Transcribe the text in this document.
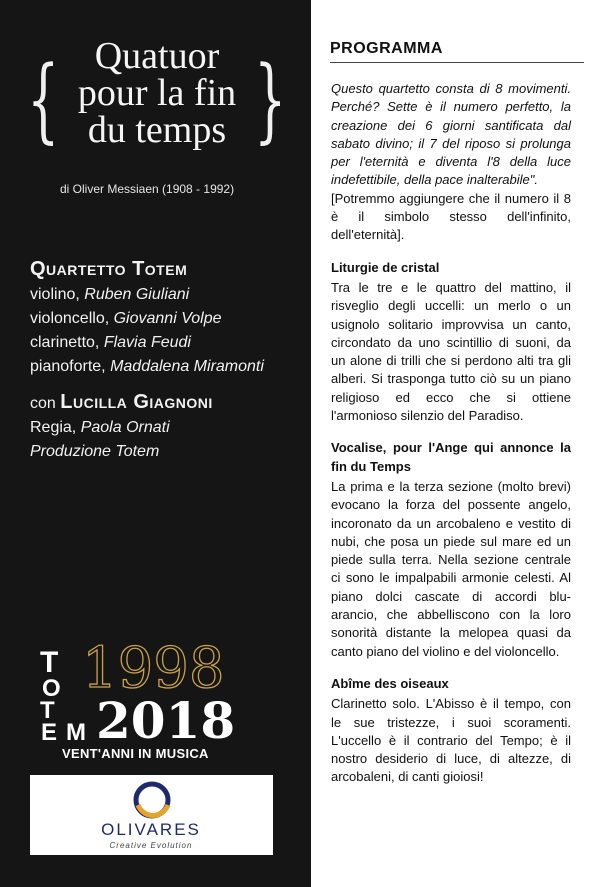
{ Quatuor
pour la fin
du temps }
di Oliver Messiaen (1908 - 1992)
Quartetto Totem
violino, Ruben Giuliani
violoncello, Giovanni Volpe
clarinetto, Flavia Feudi
pianoforte, Maddalena Miramonti
con Lucilla Giagnoni
Regia, Paola Ornati
Produzione Totem
T
O
T
E M
1998
2018
VENT'ANNI IN MUSICA
OLIVARES
Creative Evolution
PROGRAMMA

Questo quartetto consta di 8 movimenti. Perché? Sette è il numero perfetto, la creazione dei 6 giorni santificata dal sabato divino; il 7 del riposo si prolunga per l'eternità e diventa l'8 della luce indefettibile, della pace inalterabile".

[Potremmo aggiungere che il numero il 8 è il simbolo stesso dell'infinito, dell'eternità].

Liturgie de cristal

Tra le tre e le quattro del mattino, il risveglio degli uccelli: un merlo o un usignolo solitario improvvisa un canto, circondato da uno scintillio di suoni, da un alone di trilli che si perdono alti tra gli alberi. Si trasponga tutto ciò su un piano religioso ed ecco che si ottiene l'armonioso silenzio del Paradiso.

Vocalise, pour l'Ange qui annonce la fin du Temps

La prima e la terza sezione (molto brevi) evocano la forza del possente angelo, incoronato da un arcobaleno e vestito di nubi, che posa un piede sul mare ed un piede sulla terra. Nella sezione centrale ci sono le impalpabili armonie celesti. Al piano dolci cascate di accordi blu-arancio, che abbelliscono con la loro sonorità distante la melopea quasi da canto piano del violino e del violoncello.

Abîme des oiseaux

Clarinetto solo. L'Abisso è il tempo, con le sue tristezze, i suoi scoramenti. L'uccello è il contrario del Tempo; è il nostro desiderio di luce, di altezze, di arcobaleni, di canti gioiosi!
